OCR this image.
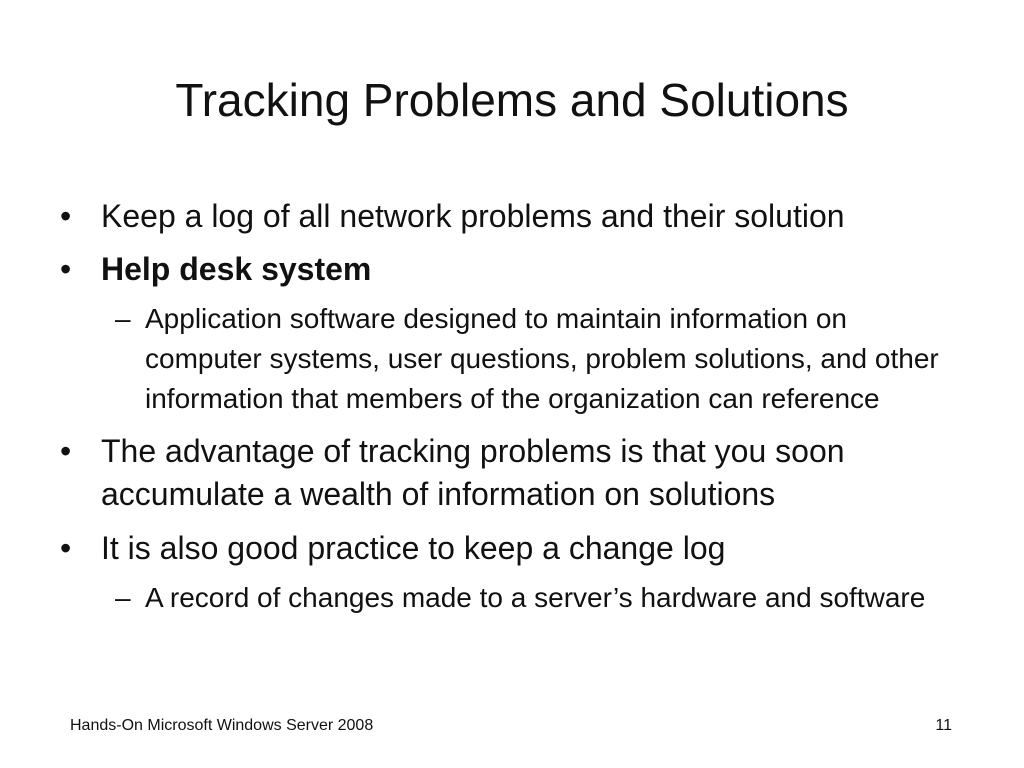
Tracking Problems and Solutions
• Keep a log of all network problems and their solution
• Help desk system
– Application software designed to maintain information on computer systems, user questions, problem solutions, and other information that members of the organization can reference
• The advantage of tracking problems is that you soon accumulate a wealth of information on solutions
• It is also good practice to keep a change log
– A record of changes made to a server’s hardware and software
Hands-On Microsoft Windows Server 2008	11
